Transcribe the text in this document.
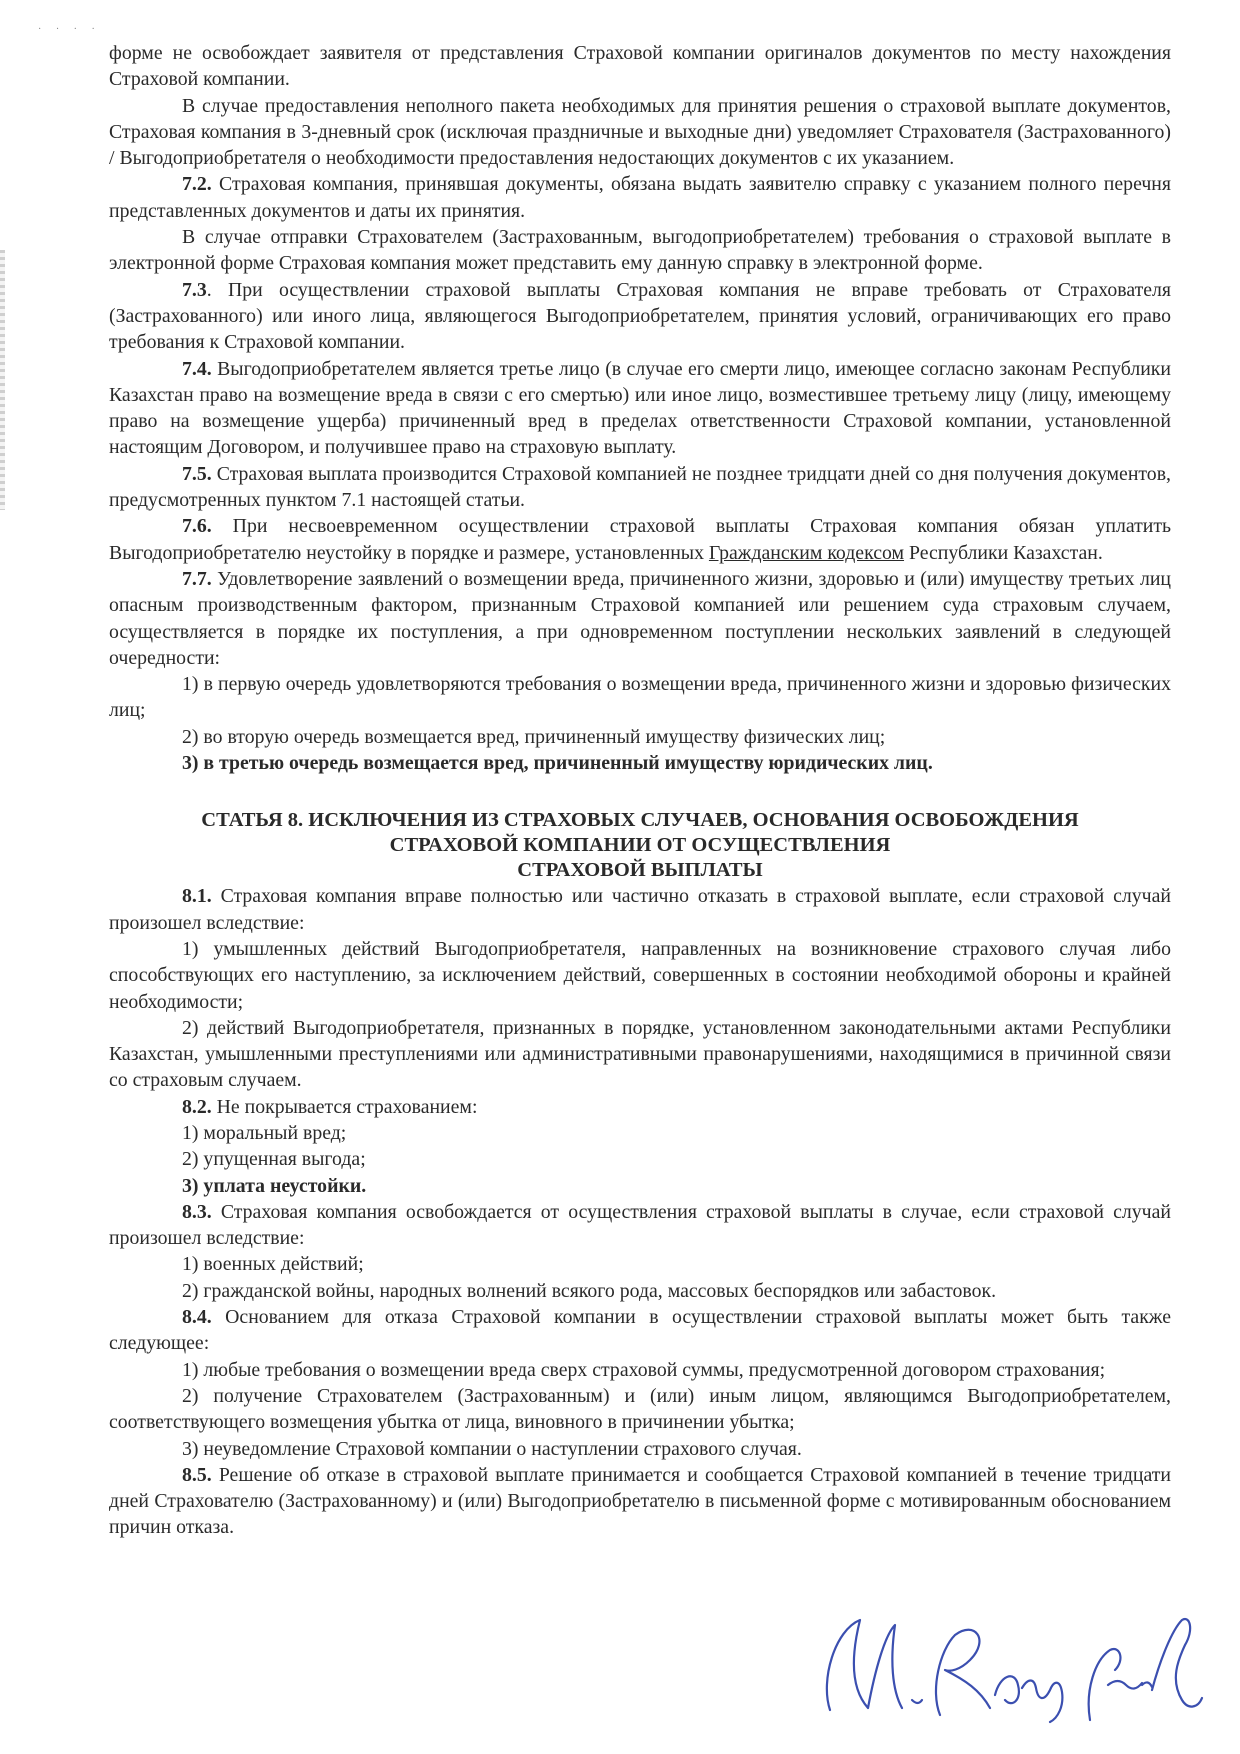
· · · ·

форме не освобождает заявителя от представления Страховой компании оригиналов документов по месту нахождения Страховой компании.

В случае предоставления неполного пакета необходимых для принятия решения о страховой выплате документов, Страховая компания в 3-дневный срок (исключая праздничные и выходные дни) уведомляет Страхователя (Застрахованного) / Выгодоприобретателя о необходимости предоставления недостающих документов с их указанием.

7.2. Страховая компания, принявшая документы, обязана выдать заявителю справку с указанием полного перечня представленных документов и даты их принятия.

В случае отправки Страхователем (Застрахованным, выгодоприобретателем) требования о страховой выплате в электронной форме Страховая компания может представить ему данную справку в электронной форме.

7.3. При осуществлении страховой выплаты Страховая компания не вправе требовать от Страхователя (Застрахованного) или иного лица, являющегося Выгодоприобретателем, принятия условий, ограничивающих его право требования к Страховой компании.

7.4. Выгодоприобретателем является третье лицо (в случае его смерти лицо, имеющее согласно законам Республики Казахстан право на возмещение вреда в связи с его смертью) или иное лицо, возместившее третьему лицу (лицу, имеющему право на возмещение ущерба) причиненный вред в пределах ответственности Страховой компании, установленной настоящим Договором, и получившее право на страховую выплату.

7.5. Страховая выплата производится Страховой компанией не позднее тридцати дней со дня получения документов, предусмотренных пунктом 7.1 настоящей статьи.

7.6. При несвоевременном осуществлении страховой выплаты Страховая компания обязан уплатить Выгодоприобретателю неустойку в порядке и размере, установленных Гражданским кодексом Республики Казахстан.

7.7. Удовлетворение заявлений о возмещении вреда, причиненного жизни, здоровью и (или) имуществу третьих лиц опасным производственным фактором, признанным Страховой компанией или решением суда страховым случаем, осуществляется в порядке их поступления, а при одновременном поступлении нескольких заявлений в следующей очередности:

1) в первую очередь удовлетворяются требования о возмещении вреда, причиненного жизни и здоровью физических лиц;

2) во вторую очередь возмещается вред, причиненный имуществу физических лиц;

3) в третью очередь возмещается вред, причиненный имуществу юридических лиц.

СТАТЬЯ 8. ИСКЛЮЧЕНИЯ ИЗ СТРАХОВЫХ СЛУЧАЕВ, ОСНОВАНИЯ ОСВОБОЖДЕНИЯ
СТРАХОВОЙ КОМПАНИИ ОТ ОСУЩЕСТВЛЕНИЯ
СТРАХОВОЙ ВЫПЛАТЫ

8.1. Страховая компания вправе полностью или частично отказать в страховой выплате, если страховой случай произошел вследствие:

1) умышленных действий Выгодоприобретателя, направленных на возникновение страхового случая либо способствующих его наступлению, за исключением действий, совершенных в состоянии необходимой обороны и крайней необходимости;

2) действий Выгодоприобретателя, признанных в порядке, установленном законодательными актами Республики Казахстан, умышленными преступлениями или административными правонарушениями, находящимися в причинной связи со страховым случаем.

8.2. Не покрывается страхованием:

1) моральный вред;

2) упущенная выгода;

3) уплата неустойки.

8.3. Страховая компания освобождается от осуществления страховой выплаты в случае, если страховой случай произошел вследствие:

1) военных действий;

2) гражданской войны, народных волнений всякого рода, массовых беспорядков или забастовок.

8.4. Основанием для отказа Страховой компании в осуществлении страховой выплаты может быть также следующее:

1) любые требования о возмещении вреда сверх страховой суммы, предусмотренной договором страхования;

2) получение Страхователем (Застрахованным) и (или) иным лицом, являющимся Выгодоприобретателем, соответствующего возмещения убытка от лица, виновного в причинении убытка;

3) неуведомление Страховой компании о наступлении страхового случая.

8.5. Решение об отказе в страховой выплате принимается и сообщается Страховой компанией в течение тридцати дней Страхователю (Застрахованному) и (или) Выгодоприобретателю в письменной форме с мотивированным обоснованием причин отказа.
